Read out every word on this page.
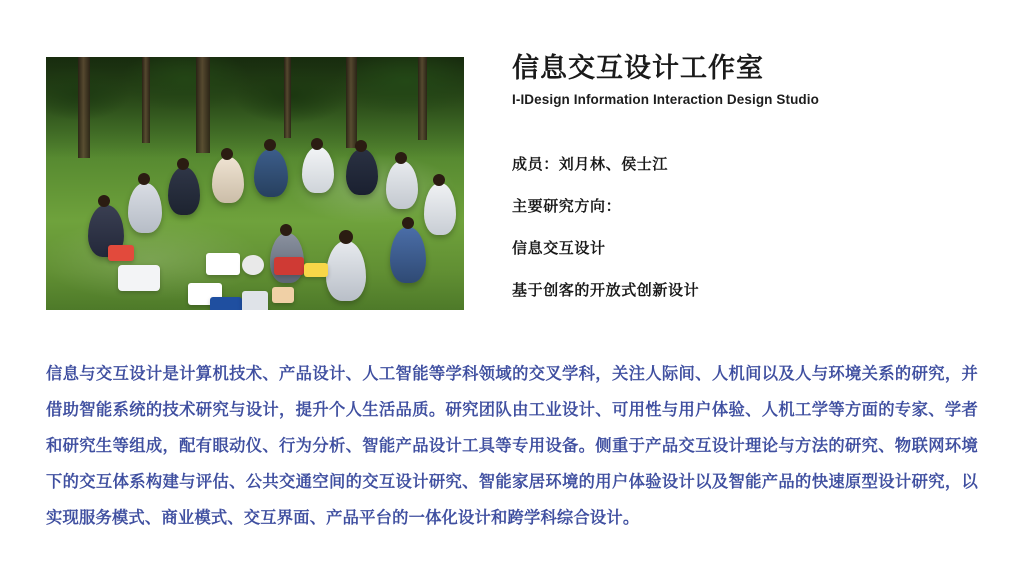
信息交互设计工作室

I-IDesign Information Interaction Design Studio

成员：刘月林、侯士江
主要研究方向：
信息交互设计
基于创客的开放式创新设计
信息与交互设计是计算机技术、产品设计、人工智能等学科领域的交叉学科，关注人际间、人机间以及人与环境关系的研究，并借助智能系统的技术研究与设计，提升个人生活品质。研究团队由工业设计、可用性与用户体验、人机工学等方面的专家、学者和研究生等组成，配有眼动仪、行为分析、智能产品设计工具等专用设备。侧重于产品交互设计理论与方法的研究、物联网环境下的交互体系构建与评估、公共交通空间的交互设计研究、智能家居环境的用户体验设计以及智能产品的快速原型设计研究，以实现服务模式、商业模式、交互界面、产品平台的一体化设计和跨学科综合设计。
